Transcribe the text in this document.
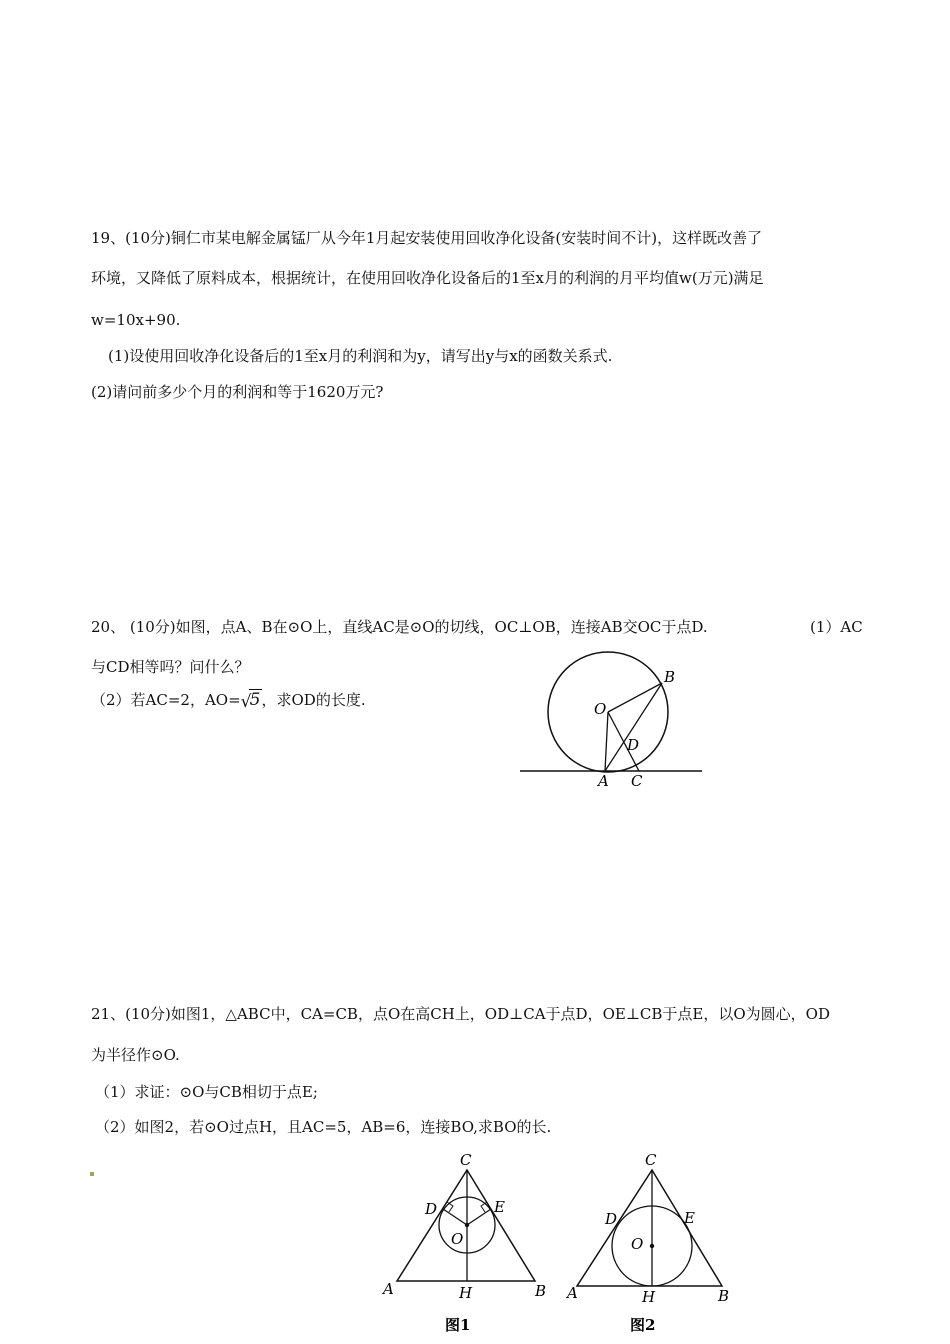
19、(10分)铜仁市某电解金属锰厂从今年1月起安装使用回收净化设备(安装时间不计)，这样既改善了
环境，又降低了原料成本，根据统计，在使用回收净化设备后的1至x月的利润的月平均值w(万元)满足
w=10x+90.
(1)设使用回收净化设备后的1至x月的利润和为y，请写出y与x的函数关系式.
(2)请问前多少个月的利润和等于1620万元?
20、 (10分)如图，点A、B在⊙O上，直线AC是⊙O的切线，OC⊥OB，连接AB交OC于点D.	(1）AC
与CD相等吗？问什么？
（2）若AC=2，AO= √
5，求OD的长度.	O
B
D
A C
21、(10分)如图1，△ABC中，CA=CB，点O在高CH上，OD⊥CA于点D，OE⊥CB于点E，以O为圆心，OD
为半径作⊙O.
（1）求证：⊙O与CB相切于点E;
（2）如图2，若⊙O过点H，且AC=5，AB=6，连接BO,求BO的长.
C
D	E
O
A	H	B
图1
C
D	E
O
A	H	B
图2
